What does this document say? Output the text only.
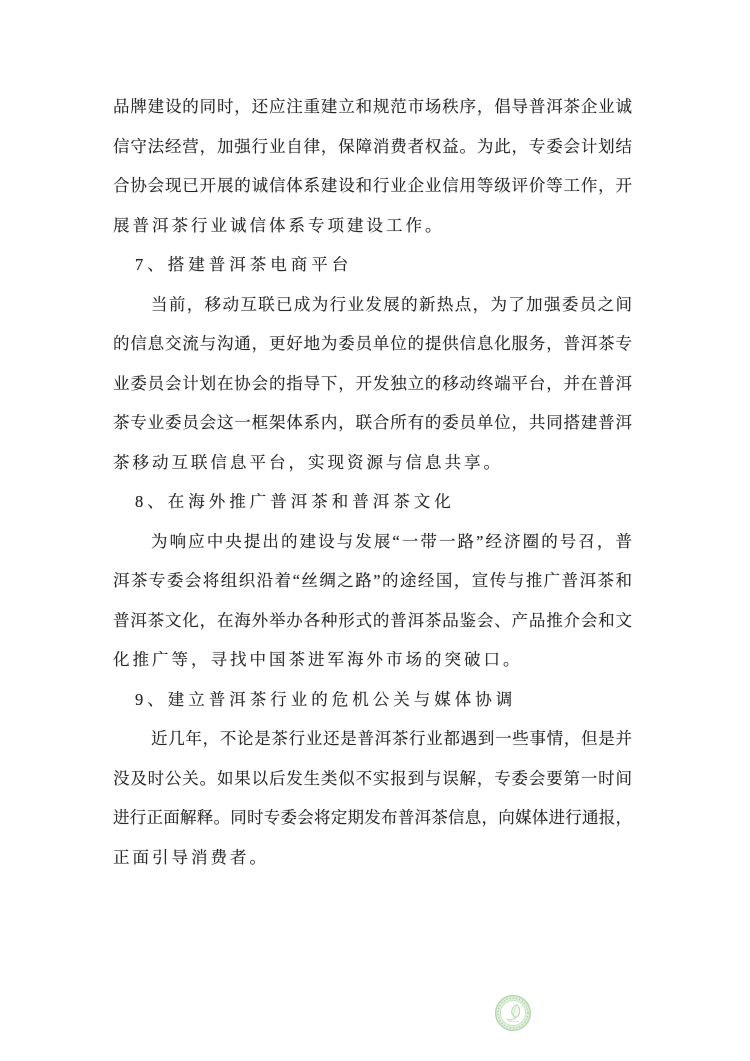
品牌建设的同时，还应注重建立和规范市场秩序，倡导普洱茶企业诚
信守法经营，加强行业自律，保障消费者权益。为此，专委会计划结
合协会现已开展的诚信体系建设和行业企业信用等级评价等工作，开
展普洱茶行业诚信体系专项建设工作。
7、搭建普洱茶电商平台
当前，移动互联已成为行业发展的新热点，为了加强委员之间
的信息交流与沟通，更好地为委员单位的提供信息化服务，普洱茶专
业委员会计划在协会的指导下，开发独立的移动终端平台，并在普洱
茶专业委员会这一框架体系内，联合所有的委员单位，共同搭建普洱
茶移动互联信息平台，实现资源与信息共享。
8、在海外推广普洱茶和普洱茶文化
为响应中央提出的建设与发展“一带一路”经济圈的号召，普
洱茶专委会将组织沿着“丝绸之路”的途经国，宣传与推广普洱茶和
普洱茶文化，在海外举办各种形式的普洱茶品鉴会、产品推介会和文
化推广等，寻找中国茶进军海外市场的突破口。
9、建立普洱茶行业的危机公关与媒体协调
近几年，不论是茶行业还是普洱茶行业都遇到一些事情，但是并
没及时公关。如果以后发生类似不实报到与误解，专委会要第一时间
进行正面解释。同时专委会将定期发布普洱茶信息，向媒体进行通报，
正面引导消费者。
